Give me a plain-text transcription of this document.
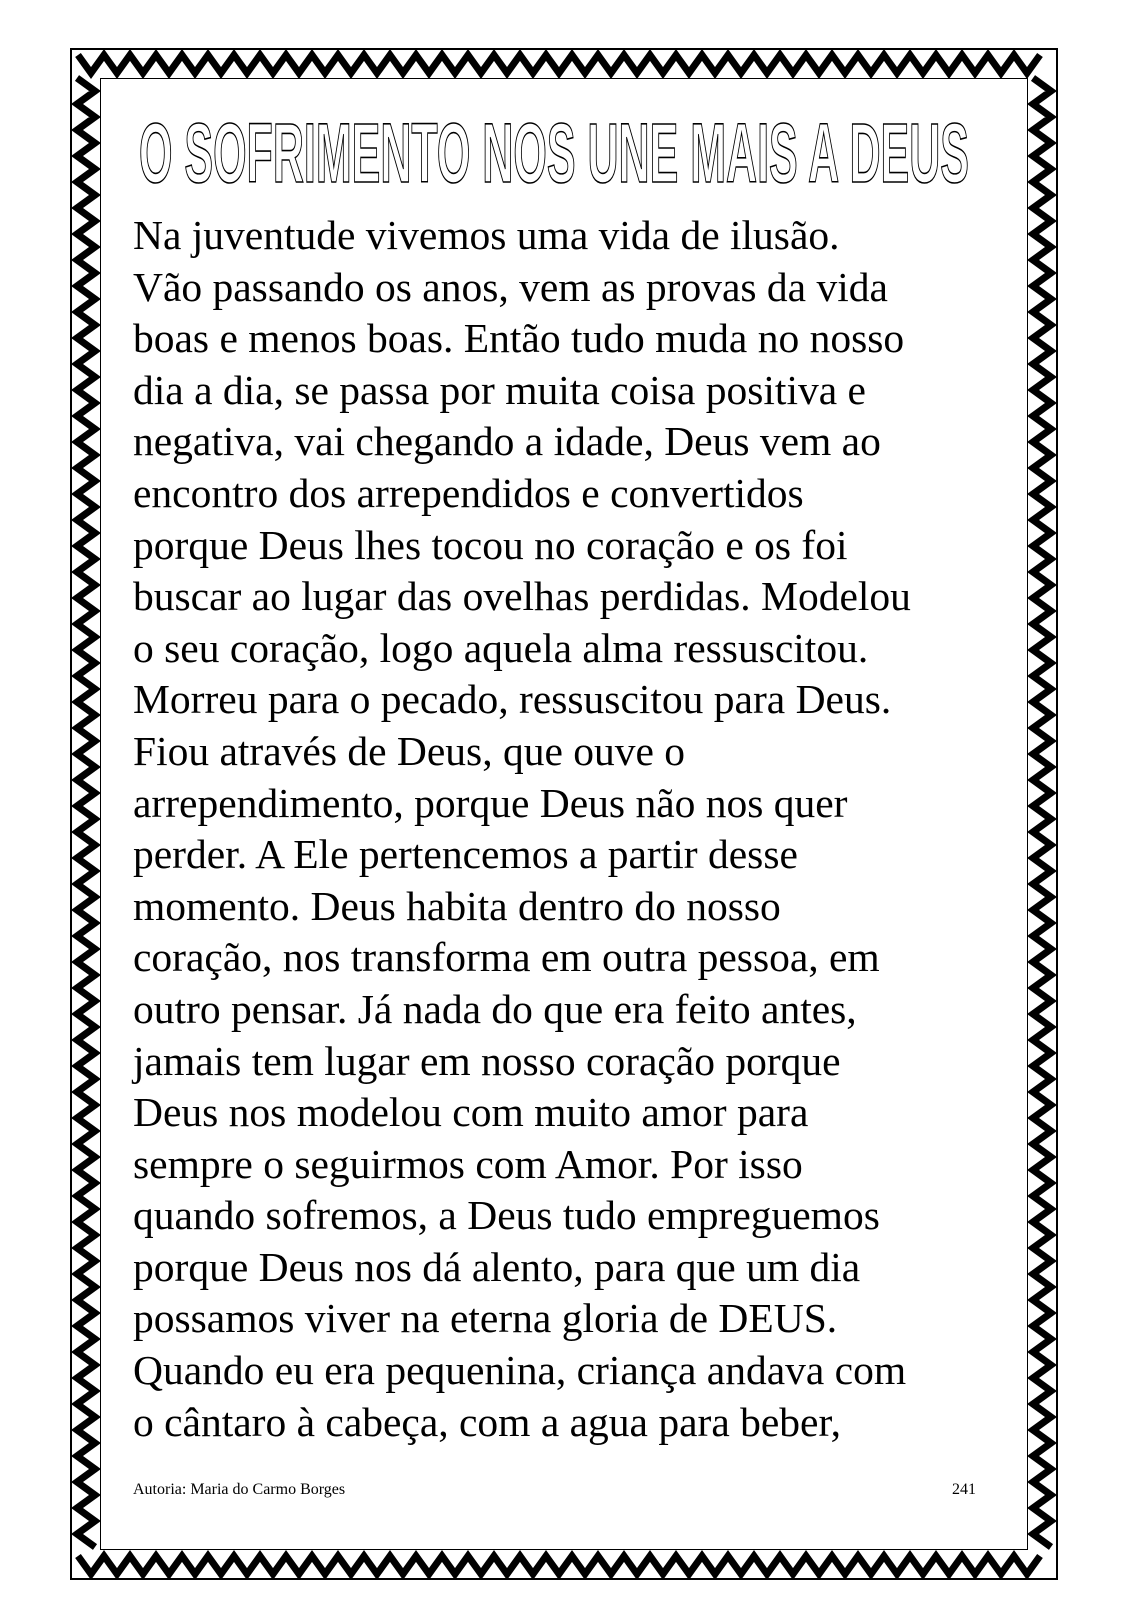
O SOFRIMENTO NOS UNE MAIS A DEUS
Na juventude vivemos uma vida de ilusão.
Vão passando os anos, vem as provas da vida
boas e menos boas. Então tudo muda no nosso
dia a dia, se passa por muita coisa positiva e
negativa, vai chegando a idade, Deus vem ao
encontro dos arrependidos e convertidos
porque Deus lhes tocou no coração e os foi
buscar ao lugar das ovelhas perdidas. Modelou
o seu coração, logo aquela alma ressuscitou.
Morreu para o pecado, ressuscitou para Deus.
Fiou através de Deus, que ouve o
arrependimento, porque Deus não nos quer
perder. A Ele pertencemos a partir desse
momento. Deus habita dentro do nosso
coração, nos transforma em outra pessoa, em
outro pensar. Já nada do que era feito antes,
jamais tem lugar em nosso coração porque
Deus nos modelou com muito amor para
sempre o seguirmos com Amor. Por isso
quando sofremos, a Deus tudo empreguemos
porque Deus nos dá alento, para que um dia
possamos viver na eterna gloria de DEUS.
Quando eu era pequenina, criança andava com
o cântaro à cabeça, com a agua para beber,
Autoria: Maria do Carmo Borges	241
